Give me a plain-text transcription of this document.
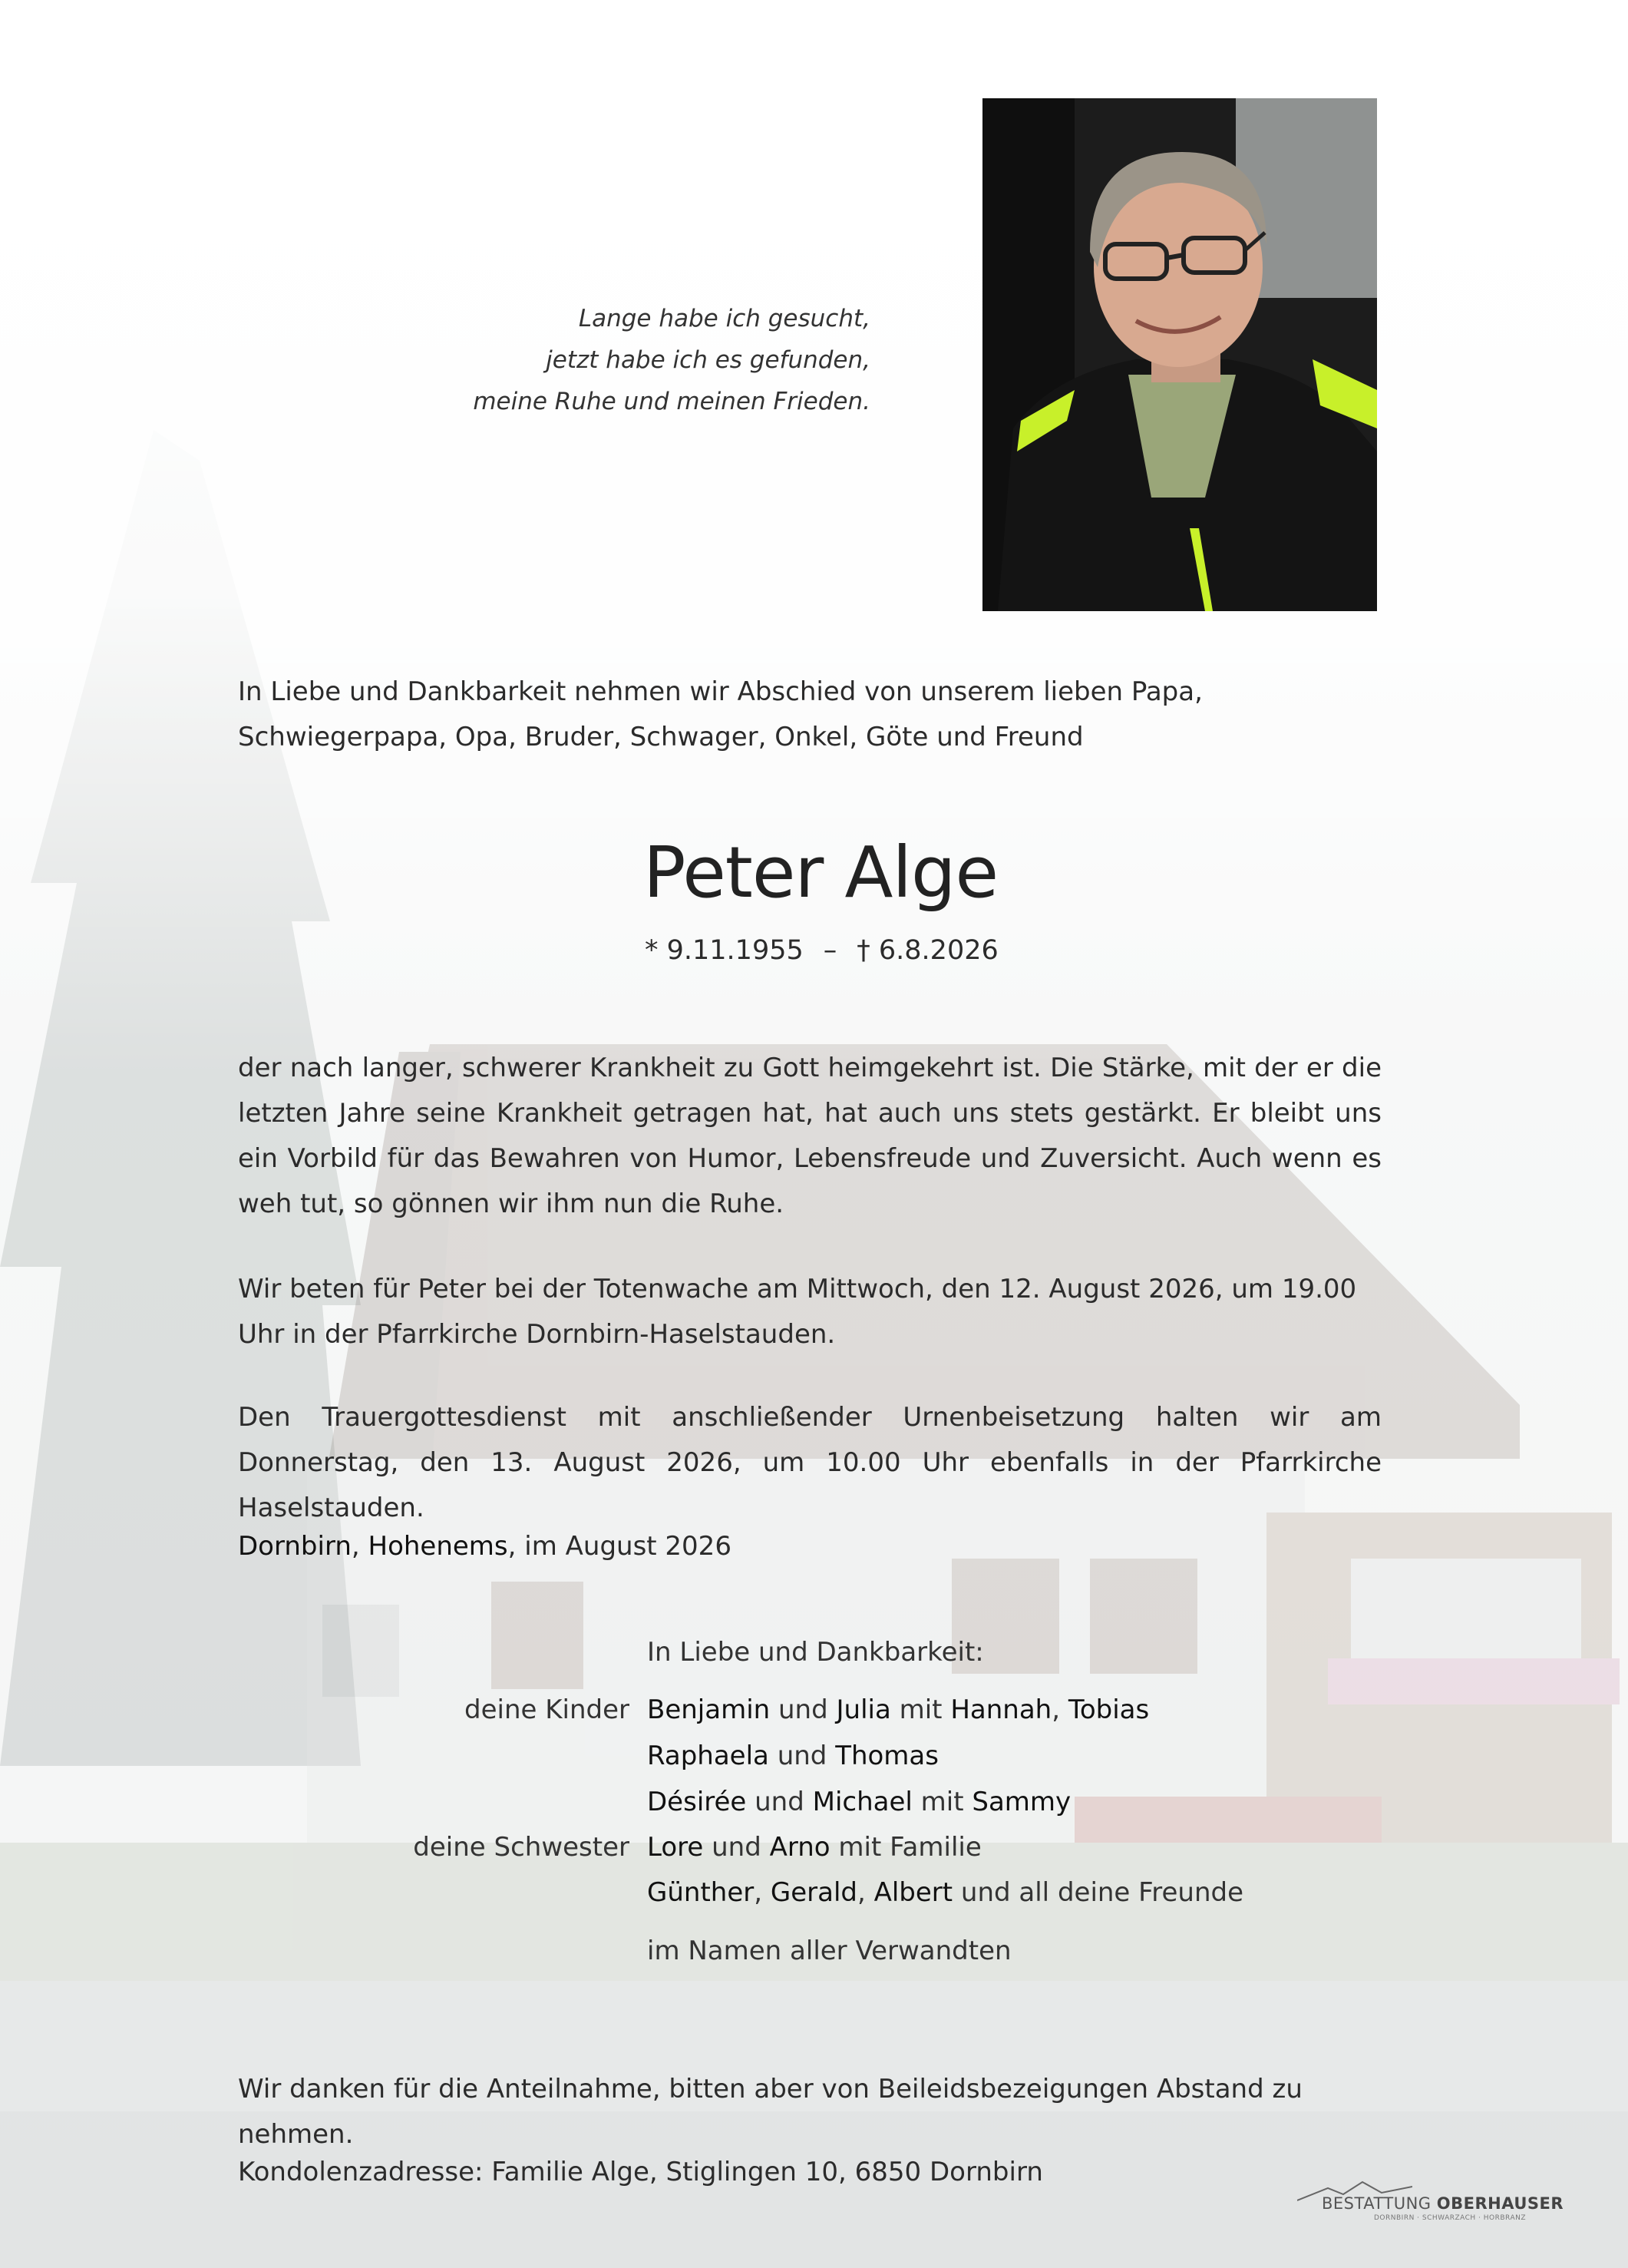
Lange habe ich gesucht,
jetzt habe ich es gefunden,
meine Ruhe und meinen Frieden.
In Liebe und Dankbarkeit nehmen wir Abschied von unserem lieben Papa, Schwiegerpapa, Opa, Bruder, Schwager, Onkel, Göte und Freund
Peter Alge
* 9.11.1955 – † 6.8.2026
der nach langer, schwerer Krankheit zu Gott heimgekehrt ist. Die Stärke, mit der er die letzten Jahre seine Krankheit getragen hat, hat auch uns stets gestärkt. Er bleibt uns ein Vorbild für das Bewahren von Humor, Lebensfreude und Zuversicht. Auch wenn es weh tut, so gönnen wir ihm nun die Ruhe.
Wir beten für Peter bei der Totenwache am Mittwoch, den 12. August 2026, um 19.00 Uhr in der Pfarrkirche Dornbirn-Haselstauden.
Den Trauergottesdienst mit anschließender Urnenbeisetzung halten wir am Donnerstag, den 13. August 2026, um 10.00 Uhr ebenfalls in der Pfarrkirche Haselstauden.
Dornbirn, Hohenems, im August 2026
In Liebe und Dankbarkeit:
deine Kinder Benjamin und Julia mit Hannah, Tobias
Raphaela und Thomas
Désirée und Michael mit Sammy
deine Schwester Lore und Arno mit Familie
Günther, Gerald, Albert und all deine Freunde
im Namen aller Verwandten
Wir danken für die Anteilnahme, bitten aber von Beileidsbezeigungen Abstand zu nehmen.
Kondolenzadresse: Familie Alge, Stiglingen 10, 6850 Dornbirn
BESTATTUNG OBERHAUSER
DORNBIRN · SCHWARZACH · HORBRANZ
